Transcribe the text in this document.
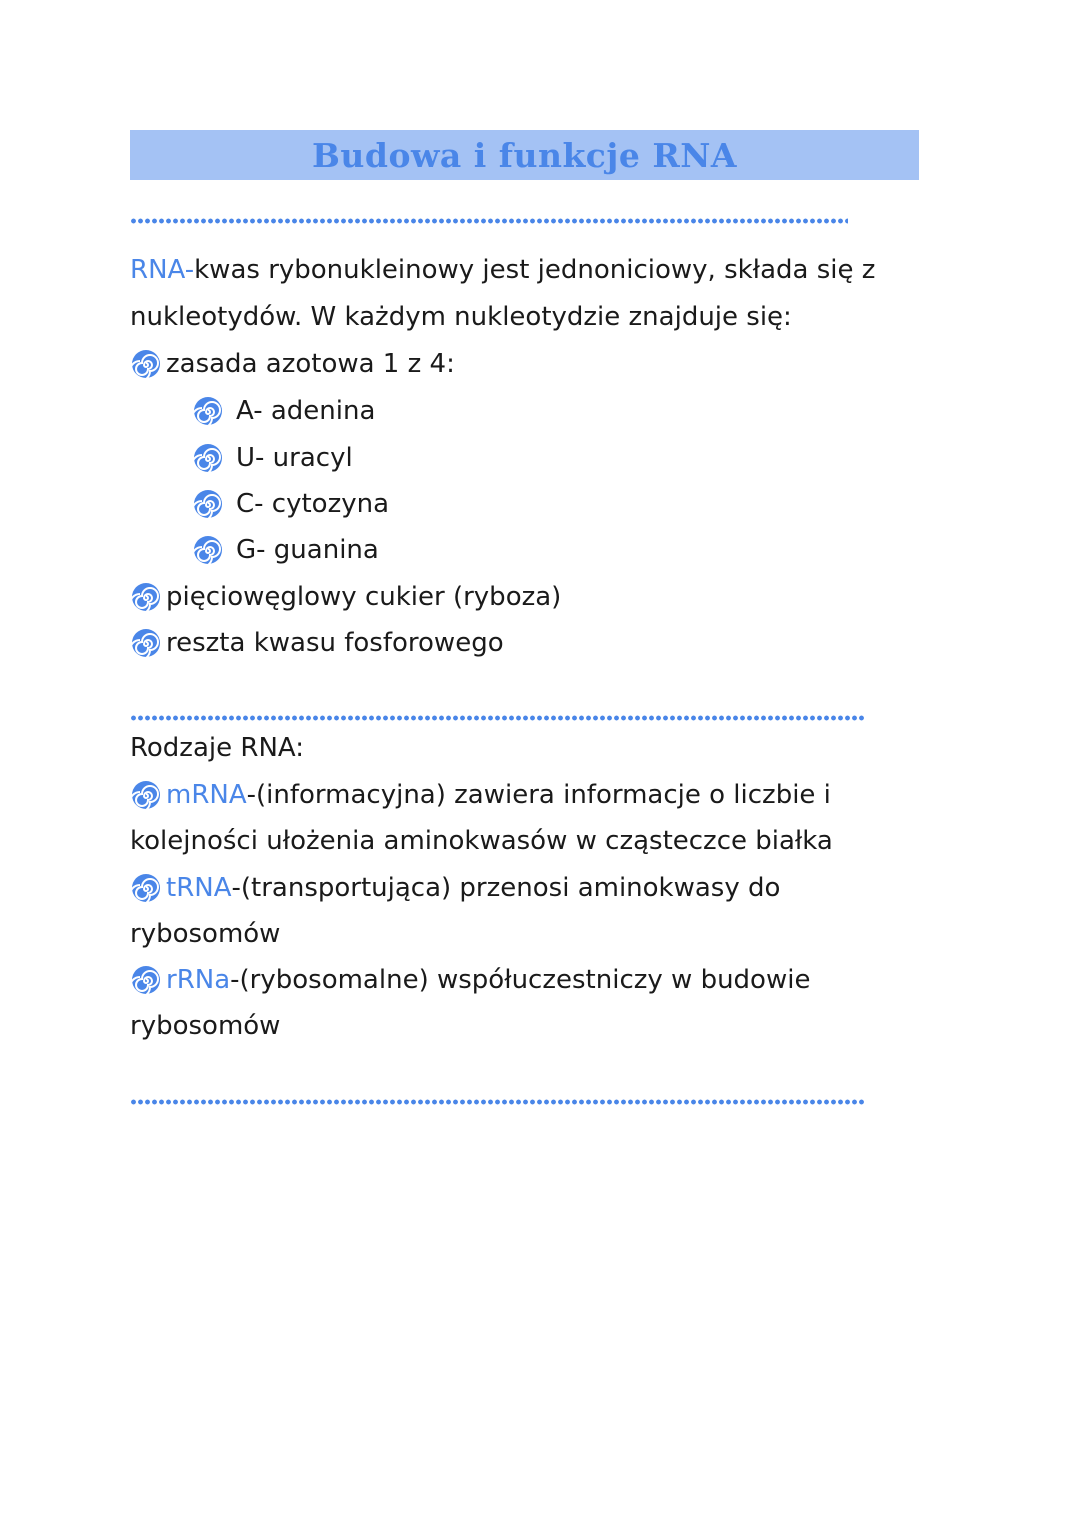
Budowa i funkcje RNA
RNA- kwas rybonukleinowy jest jednoniciowy, składa się z
nukleotydów. W każdym nukleotydzie znajduje się:
zasada azotowa 1 z 4:
A- adenina
U- uracyl
C- cytozyna
G- guanina
pięciowęglowy cukier (ryboza)
reszta kwasu fosforowego
Rodzaje RNA:
mRNA -(informacyjna) zawiera informacje o liczbie i
kolejności ułożenia aminokwasów w cząsteczce białka
tRNA -(transportująca) przenosi aminokwasy do
rybosomów
rRNa -(rybosomalne) współuczestniczy w budowie
rybosomów
